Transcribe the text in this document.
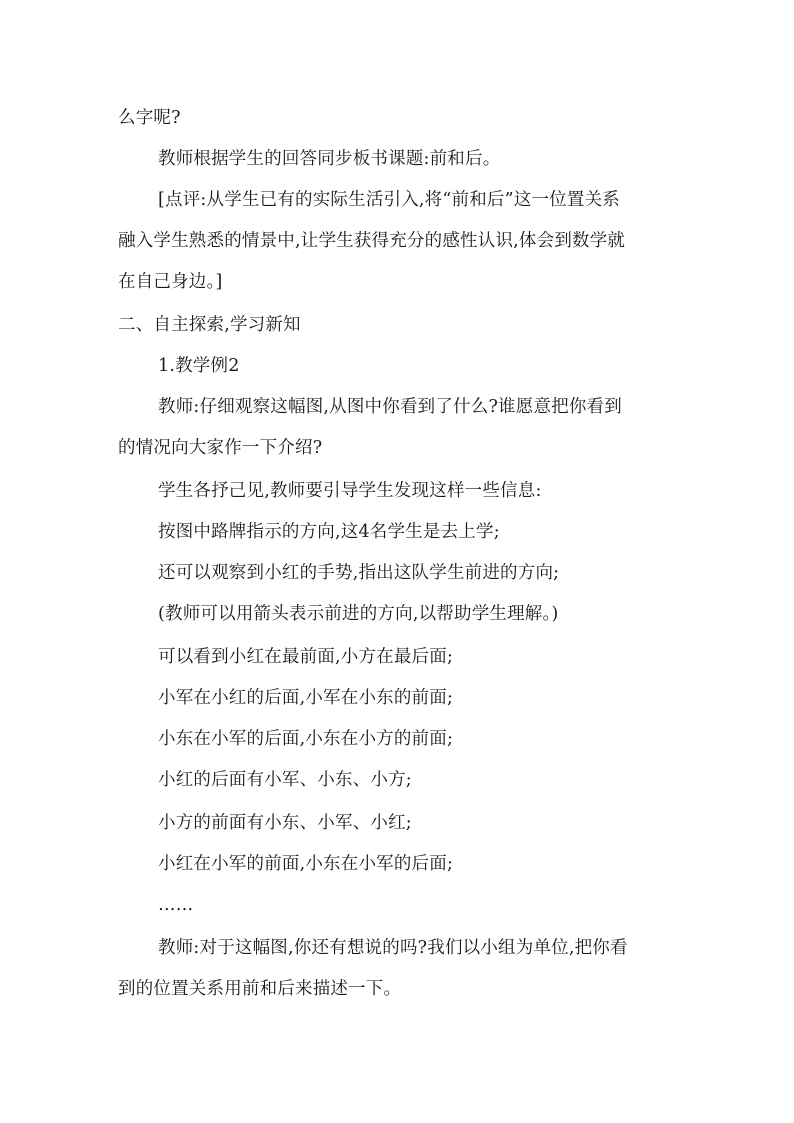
么字呢?
教师根据学生的回答同步板书课题:前和后。
[点评:从学生已有的实际生活引入,将“前和后”这一位置关系
融入学生熟悉的情景中,让学生获得充分的感性认识,体会到数学就
在自己身边。]
二、自主探索,学习新知
1.教学例2
教师:仔细观察这幅图,从图中你看到了什么?谁愿意把你看到
的情况向大家作一下介绍?
学生各抒己见,教师要引导学生发现这样一些信息:
按图中路牌指示的方向,这4名学生是去上学;
还可以观察到小红的手势,指出这队学生前进的方向;
(教师可以用箭头表示前进的方向,以帮助学生理解。)
可以看到小红在最前面,小方在最后面;
小军在小红的后面,小军在小东的前面;
小东在小军的后面,小东在小方的前面;
小红的后面有小军、小东、小方;
小方的前面有小东、小军、小红;
小红在小军的前面,小东在小军的后面;
……
教师:对于这幅图,你还有想说的吗?我们以小组为单位,把你看
到的位置关系用前和后来描述一下。
